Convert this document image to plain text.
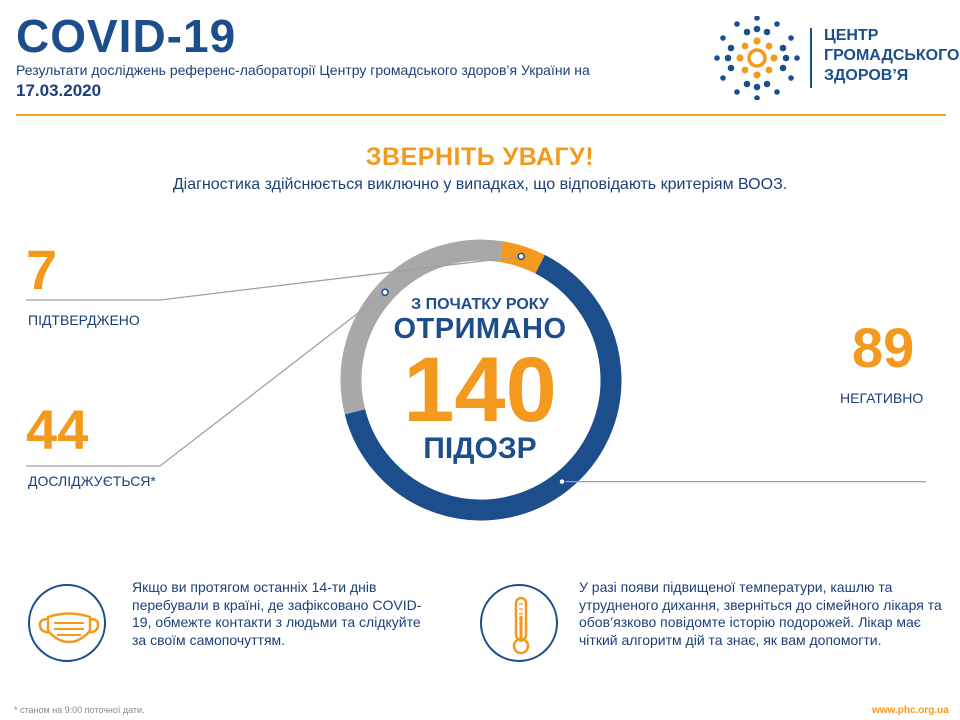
COVID-19
Результати досліджень референс-лабораторії Центру громадського здоров’я України на
17.03.2020
ЦЕНТР
ГРОМАДСЬКОГО
ЗДОРОВ’Я
ЗВЕРНІТЬ УВАГУ!
Діагностика здійснюється виключно у випадках, що відповідають критеріям ВООЗ.
7
ПІДТВЕРДЖЕНО
44
ДОСЛІДЖУЄТЬСЯ*
89
НЕГАТИВНО
З ПОЧАТКУ РОКУ
ОТРИМАНО
140
ПІДОЗР
Якщо ви протягом останніх 14-ти днів перебували в країні, де зафіксовано COVID-19, обмежте контакти з людьми та слідкуйте за своїм самопочуттям.
У разі появи підвищеної температури, кашлю та утрудненого дихання, зверніться до сімейного лікаря та обов’язково повідомте історію подорожей. Лікар має чіткий алгоритм дій та знає, як вам допомогти.
* станом на 9:00 поточної дати.	www.phc.org.ua
